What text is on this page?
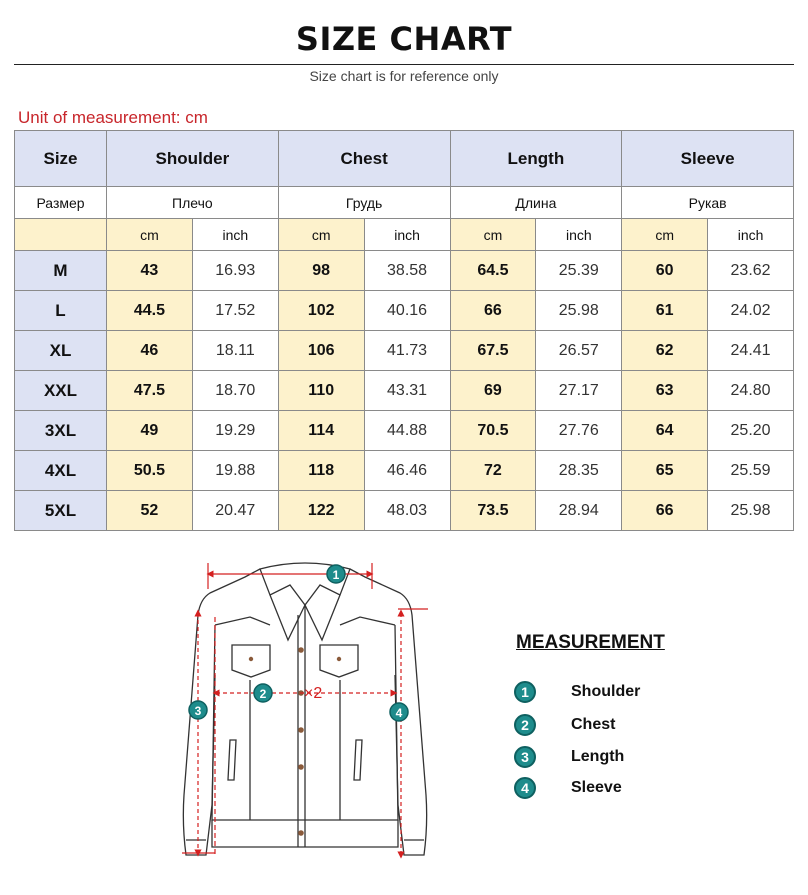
SIZE CHART
Size chart is for reference only
Unit of measurement: cm
Size	Shoulder		Chest		Length		Sleeve	
Размер	Плечо		Грудь		Длина		Рукав	
	cm	inch	cm	inch	cm	inch	cm	inch
M	43	16.93	98	38.58	64.5	25.39	60	23.62
L	44.5	17.52	102	40.16	66	25.98	61	24.02
XL	46	18.11	106	41.73	67.5	26.57	62	24.41
XXL	47.5	18.70	110	43.31	69	27.17	63	24.80
3XL	49	19.29	114	44.88	70.5	27.76	64	25.20
4XL	50.5	19.88	118	46.46	72	28.35	65	25.59
5XL	52	20.47	122	48.03	73.5	28.94	66	25.98
1
2 ×2
3	4
MEASUREMENT
1	Shoulder
2	Chest
3	Length
4	Sleeve
